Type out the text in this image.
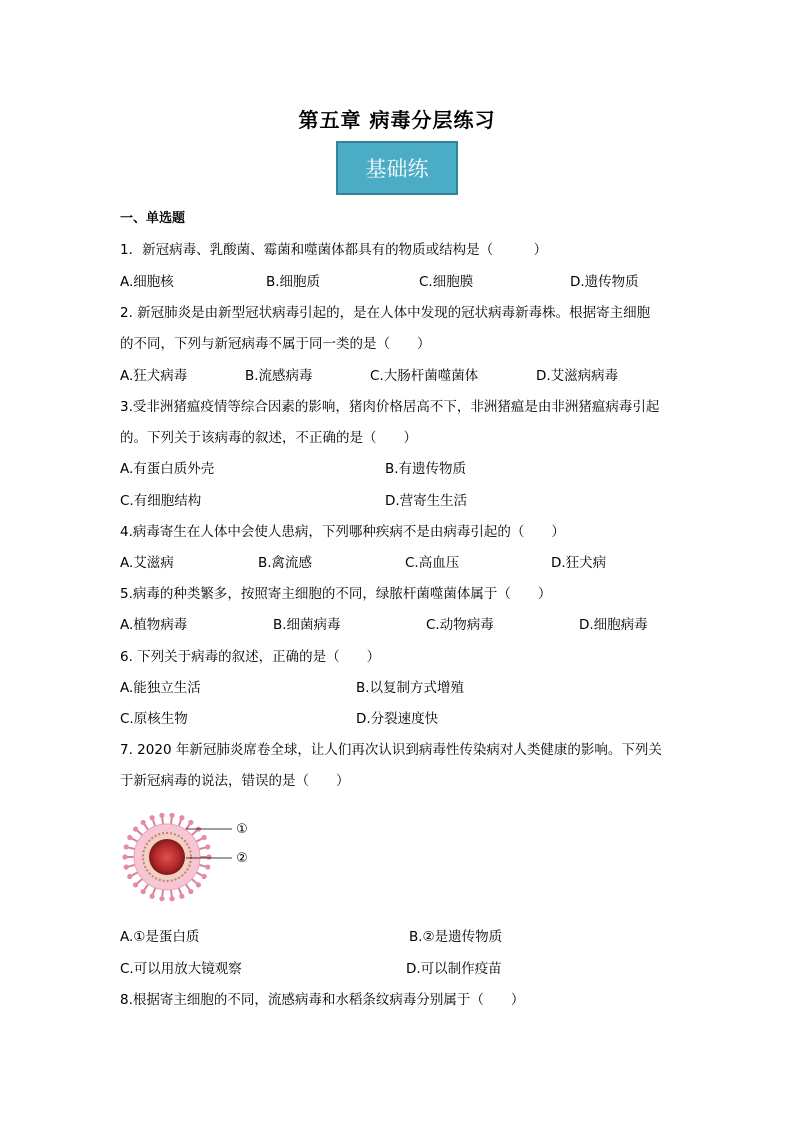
第五章 病毒分层练习
基础练
一、单选题
1．新冠病毒、乳酸菌、霉菌和噬菌体都具有的物质或结构是（　　　）
A.细胞核	B.细胞质	C.细胞膜	D.遗传物质
2. 新冠肺炎是由新型冠状病毒引起的，是在人体中发现的冠状病毒新毒株。根据寄主细胞
的不同，下列与新冠病毒不属于同一类的是（　　）
A.狂犬病毒	B.流感病毒	C.大肠杆菌噬菌体	D.艾滋病病毒
3.受非洲猪瘟疫情等综合因素的影响，猪肉价格居高不下，非洲猪瘟是由非洲猪瘟病毒引起
的。下列关于该病毒的叙述，不正确的是（　　）
A.有蛋白质外壳	B.有遗传物质
C.有细胞结构	D.营寄生生活
4.病毒寄生在人体中会使人患病，下列哪种疾病不是由病毒引起的（　　）
A.艾滋病	B.禽流感	C.高血压	D.狂犬病
5.病毒的种类繁多，按照寄主细胞的不同，绿脓杆菌噬菌体属于（　　）
A.植物病毒	B.细菌病毒	C.动物病毒	D.细胞病毒
6. 下列关于病毒的叙述，正确的是（　　）
A.能独立生活	B.以复制方式增殖
C.原核生物	D.分裂速度快
7. 2020 年新冠肺炎席卷全球，让人们再次认识到病毒性传染病对人类健康的影响。下列关
于新冠病毒的说法，错误的是（　　）
①
②
A.①是蛋白质	B.②是遗传物质
C.可以用放大镜观察	D.可以制作疫苗
8.根据寄主细胞的不同，流感病毒和水稻条纹病毒分别属于（　　）
